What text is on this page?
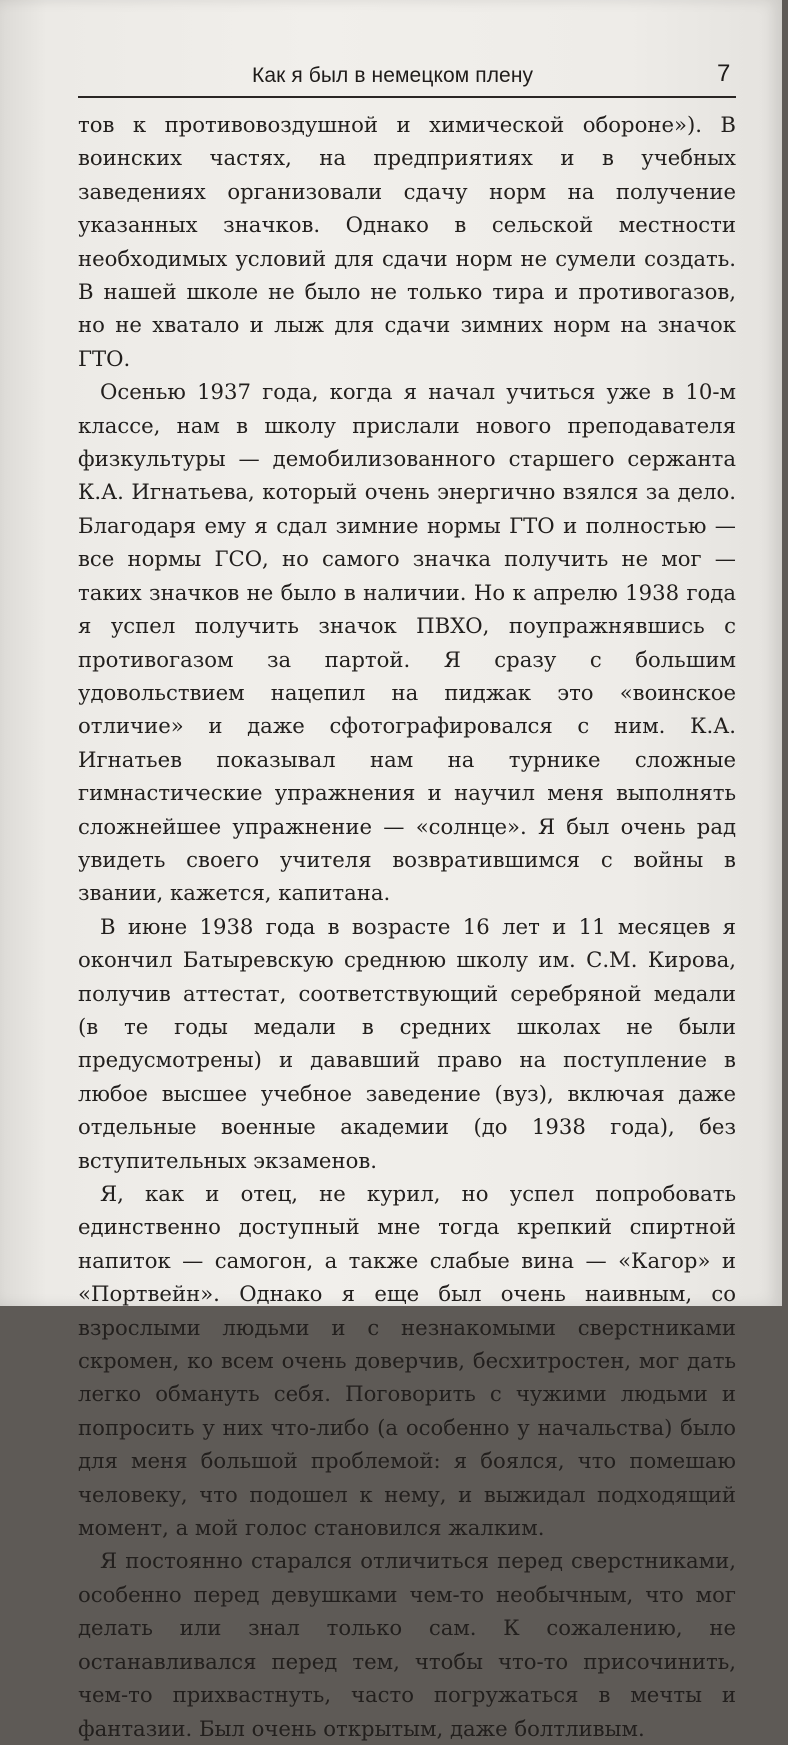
Как я был в немецком плену	7

тов к противовоздушной и химической обороне»). В воинских частях, на предприятиях и в учебных заведениях организовали сдачу норм на получение указанных значков. Однако в сельской местности необходимых условий для сдачи норм не сумели создать. В нашей школе не было не только тира и противогазов, но не хватало и лыж для сдачи зимних норм на значок ГТО.

Осенью 1937 года, когда я начал учиться уже в 10-м классе, нам в школу прислали нового преподавателя физкультуры — демобилизованного старшего сержанта К.А. Игнатьева, который очень энергично взялся за дело. Благодаря ему я сдал зимние нормы ГТО и полностью — все нормы ГСО, но самого значка получить не мог — таких значков не было в наличии. Но к апрелю 1938 года я успел получить значок ПВХО, поупражнявшись с противогазом за партой. Я сразу с большим удовольствием нацепил на пиджак это «воинское отличие» и даже сфотографировался с ним. К.А. Игнатьев показывал нам на турнике сложные гимнастические упражнения и научил меня выполнять сложнейшее упражнение — «солнце». Я был очень рад увидеть своего учителя возвратившимся с войны в звании, кажется, капитана.

В июне 1938 года в возрасте 16 лет и 11 месяцев я окончил Батыревскую среднюю школу им. С.М. Кирова, получив аттестат, соответствующий серебряной медали (в те годы медали в средних школах не были предусмотрены) и дававший право на поступление в любое высшее учебное заведение (вуз), включая даже отдельные военные академии (до 1938 года), без вступительных экзаменов.

Я, как и отец, не курил, но успел попробовать единственно доступный мне тогда крепкий спиртной напиток — самогон, а также слабые вина — «Кагор» и «Портвейн». Однако я еще был очень наивным, со взрослыми людьми и с незнакомыми сверстниками скромен, ко всем очень доверчив, бесхитростен, мог дать легко обмануть себя. Поговорить с чужими людьми и попросить у них что-либо (а особенно у начальства) было для меня большой проблемой: я боялся, что помешаю человеку, что подошел к нему, и выжидал подходящий момент, а мой голос становился жалким.

Я постоянно старался отличиться перед сверстниками, особенно перед девушками чем-то необычным, что мог делать или знал только сам. К сожалению, не останавливался перед тем, чтобы что-то присочинить, чем-то прихвастнуть, часто погружаться в мечты и фантазии. Был очень открытым, даже болтливым.
